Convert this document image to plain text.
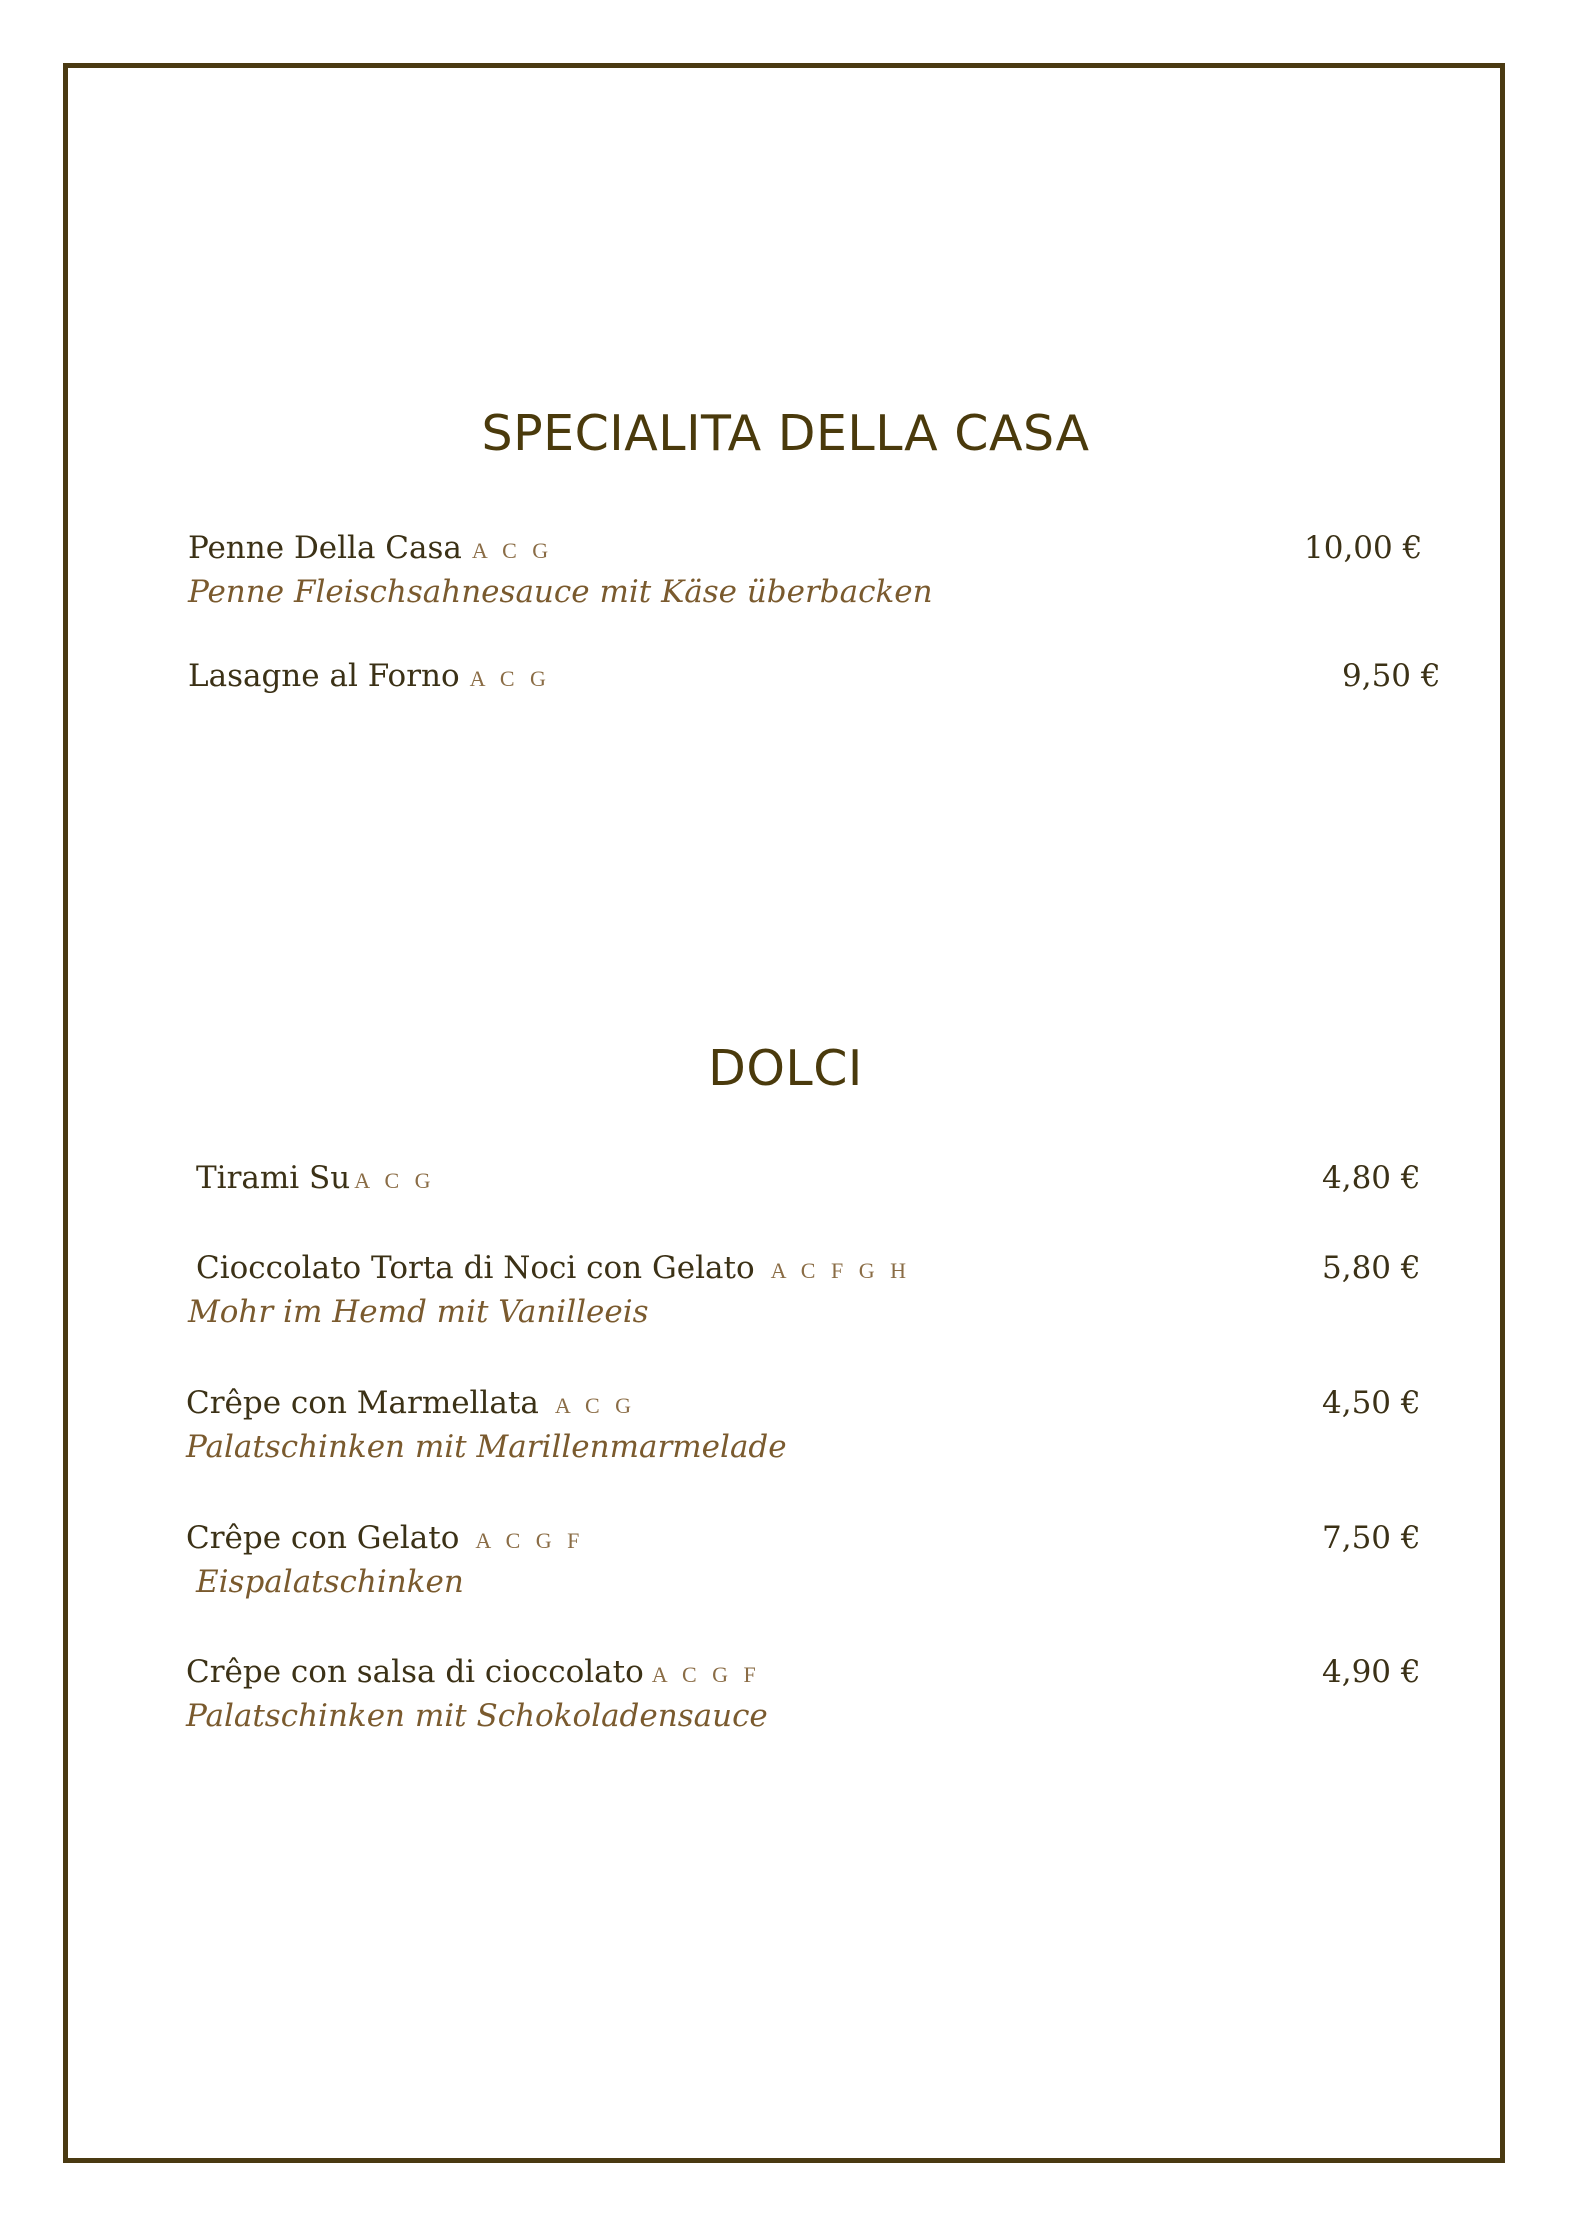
SPECIALITA DELLA CASA
Penne Della Casa A C G	10,00 €
Penne Fleischsahnesauce mit Käse überbacken
Lasagne al Forno A C G	9,50 €
DOLCI
Tirami Su A C G	4,80 €
Cioccolato Torta di Noci con Gelato A C F G H	5,80 €
Mohr im Hemd mit Vanilleeis
Crêpe con Marmellata A C G	4,50 €
Palatschinken mit Marillenmarmelade
Crêpe con Gelato A C G F	7,50 €
Eispalatschinken
Crêpe con salsa di cioccolato A C G F	4,90 €
Palatschinken mit Schokoladensauce
